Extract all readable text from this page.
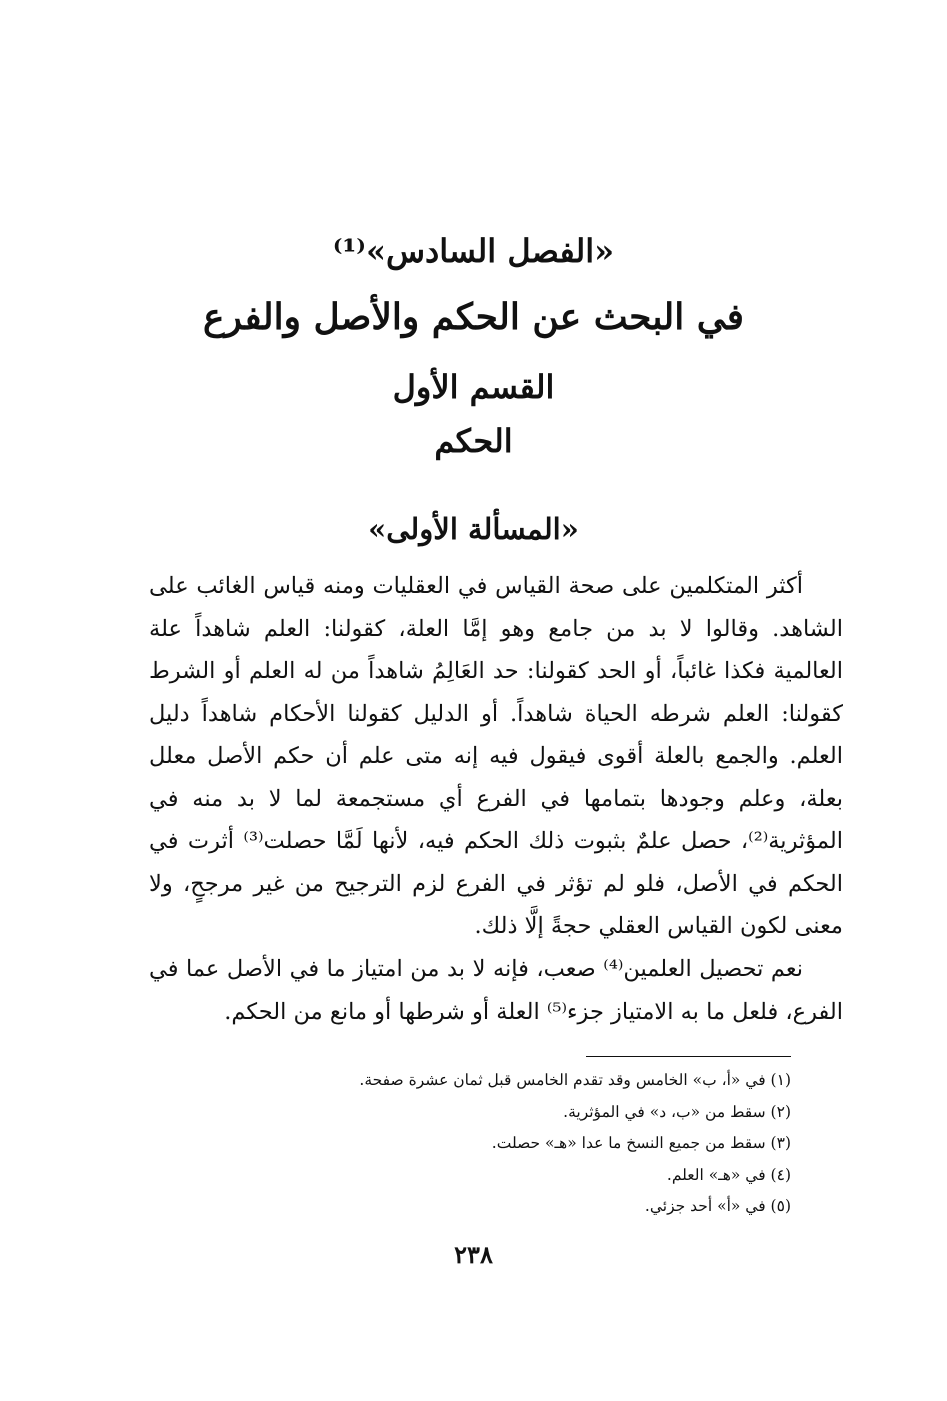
«الفصل السادس»⁽¹⁾
في البحث عن الحكم والأصل والفرع
القسم الأول
الحكم
«المسألة الأولى»

أكثر المتكلمين على صحة القياس في العقليات ومنه قياس الغائب على الشاهد. وقالوا لا بد من جامع وهو إمَّا العلة، كقولنا: العلم شاهداً علة العالمية فكذا غائباً، أو الحد كقولنا: حد العَالِمُ شاهداً من له العلم أو الشرط كقولنا: العلم شرطه الحياة شاهداً. أو الدليل كقولنا الأحكام شاهداً دليل العلم. والجمع بالعلة أقوى فيقول فيه إنه متى علم أن حكم الأصل معلل بعلة، وعلم وجودها بتمامها في الفرع أي مستجمعة لما لا بد منه في المؤثرية⁽²⁾، حصل علمٌ بثبوت ذلك الحكم فيه، لأنها لَمَّا حصلت⁽³⁾ أثرت في الحكم في الأصل، فلو لم تؤثر في الفرع لزم الترجيح من غير مرجحٍ، ولا معنى لكون القياس العقلي حجةً إلَّا ذلك.

نعم تحصيل العلمين⁽⁴⁾ صعب، فإنه لا بد من امتياز ما في الأصل عما في الفرع، فلعل ما به الامتياز جزء⁽⁵⁾ العلة أو شرطها أو مانع من الحكم.

(١) في «أ، ب» الخامس وقد تقدم الخامس قبل ثمان عشرة صفحة.
(٢) سقط من «ب، د» في المؤثرية.
(٣) سقط من جميع النسخ ما عدا «هـ» حصلت.
(٤) في «هـ» العلم.
(٥) في «أ» أحد جزئي.
٢٣٨
